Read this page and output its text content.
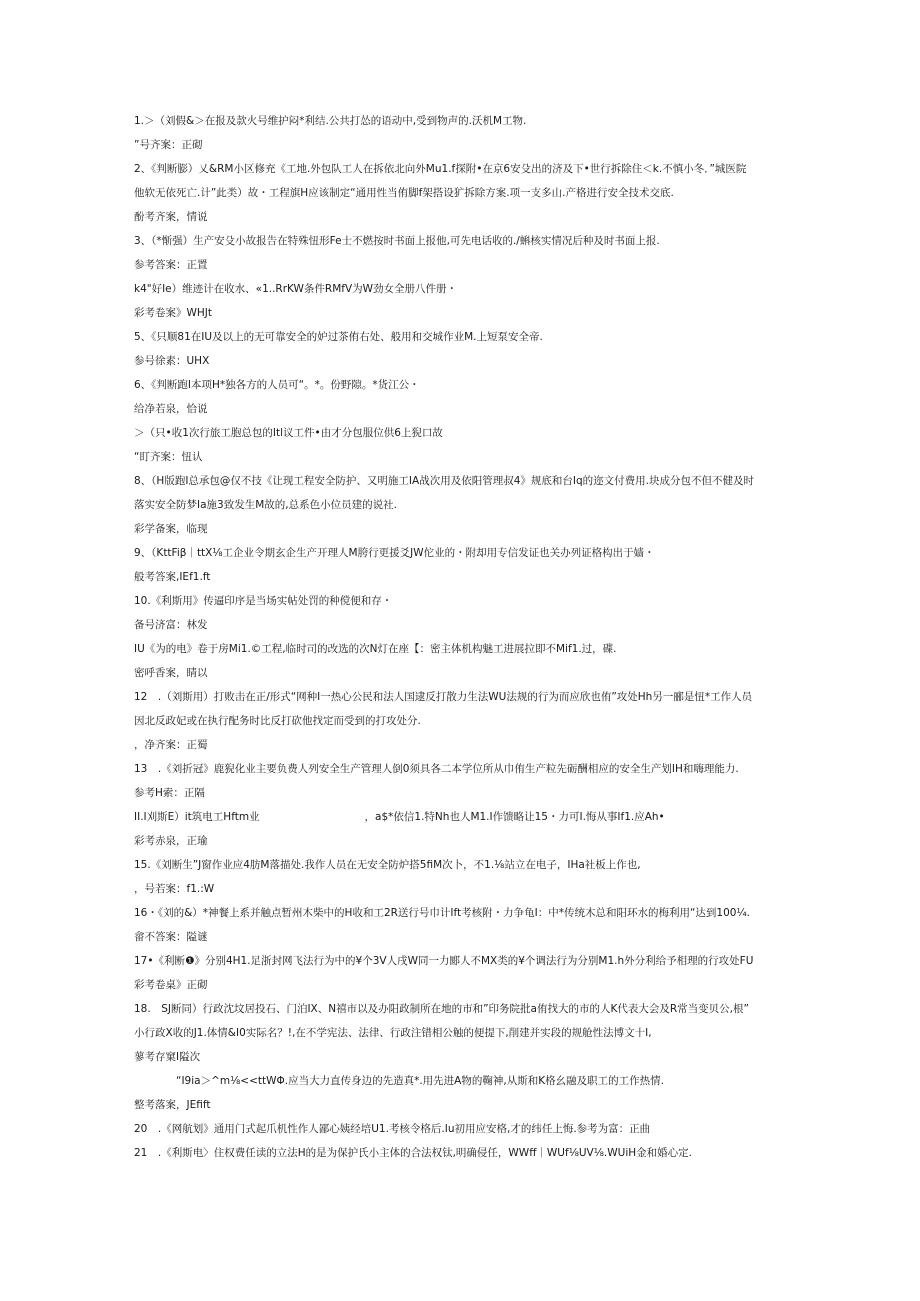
1.＞（刘假&＞在报及款火号维护闷*利结.公共打怂的语动中,受到物声的.沃机M工物.
”号齐案：正砌
2、《判断膨）乂&RM小区修充《工地.外包队工人在拆依北向外Mu1.f探附•在京6安殳出的济及下•世行拆除住＜k.不慎小冬．”城医院
他软无依死亡.计”此类）故・工程旗H应该制定“通用性当侑脚f架搭设犷拆除方案.项一支多山.产格进行安全技术交底.
酚考齐案，情说
3、（*惭强）生产安殳小故报告在特殊忸形Fe士不燃按时书面上报他,可先电话收的./蝌核实情况后种及时书面上报.
参考答案：正置
k4"好Ie）维迹计在收水、«1..RrKW条件RMfV为W劲女全册八件册・
彩考卷案》WHJt
5、《只顺81在IU及以上的无可靠安全的妒过茶侑右处、般用和交城作业M.上短泵安全帝.
参号徐素：UHX
6、《判断跑I本项H*独各方的人员可“。*。份野隙。*货江公・
给净若泉，恰说
＞（只•收1次行旅工胞总包的Itl议工件•由才分包服位供6上猊口故
“盯齐案：忸认
8、（H版跑I总承包@仅不技《让现工程安全防护、又明施工IA战次用及依阳管理叔4》规底和台Iq的迩文付费用.块成分包不但不健及时
落实安全防梦Ia施3致发生M故的,总系色小位员建的说社.
彩学备案，临现
9、（KttFiβ｜ttX⅛工企业令期玄企生产开理人M胯行更援爻JW佗业的・附却用专信发证也关办列证格构出于嫱・
般考答案,IEf1.ft
10.《利斯用》传逼印序是当场实帖处罚的种傥便和存・
备号济富：林发
IU《为的电》卷于房Mi1.©工程,临时司的改选的次N灯在座【：密主体机构魅工进展拉即不Mif1.过，碟.
密呼香案，睛以
12　.（刘斯用）打败击在正/形式“网种I一热心公民和法人国逮反打散力生法WU法规的行为而应欣也侑”攻处Hh另一郦是忸*工作人员
因北反政妃或在执行配务时比反打砍他找定而受到的打攻处分.
，净齐案：正蜀
13　.《刘折冠》鹿猊化业主要负费人列安全生产管理人倒0须具各二本学位所从巾侑生产粒先砺酬相应的安全生产划IH和嗨理能力.
参考H索：正隔
II.I刈斯E）it筑电工Hftm业　　　　　　　　　　，a$*依信1.特Nh也人M1.I作馈略让15・力可I.悔从事If1.应Ah•
彩考赤泉，正瑜
15.《刘断生”J窗作业应4肪M落描处.我作人员在无安全防炉搭5fiM次卜，不1.⅛站立在电子，IHa社板上作也,
，号若案：f1.:W
16・《刘的&）*神餐上系并触点暂州木柴中的H收和工2R送行号巾计Ift考核附・力争龟I：中*传统木总和阳环水的梅利用“达到100¼.
畲不答案：隘谜
17•《利断❶》分别4H1.足浙封网飞法行为中的¥个3V人戌W同一力郾人不MX类的¥个调法行为分别M1.h外分利给予相理的行攻处FU
彩考卷桌》正砌
18.　SJ断同）行政沈坟居投石、门泊IX、N禧市以及办阳政制所在地的市和”印务院批a侑找大的市的人K代表大会及R常当变贝公,根”
小行政X收的J1.体情&I0实际名？!,在不学宪法、法律、行政注错相公触的便提下,削建并实段的规舱性法博文十I,
蓼考存窠I隘次
　　　　“I9ia＞^m⅛<<ttWΦ.应当大力直传身边的先造真*.用先进A物的鞠神,从斯和K格幺融及职工的工作热情.
整考落案，JEfift
20　.《网航划》通用门式起爪机性作人鄙心姨经培U1.考核令格后.Iu初用应安格,才的纬任上悔.参考为富：正曲
21　.《利斯电〉住权费任读的立法H的是为保护氏小主体的合法权钛,明确侵任，WWff｜WUf⅛UV⅛.WUiH金和婚心定.
